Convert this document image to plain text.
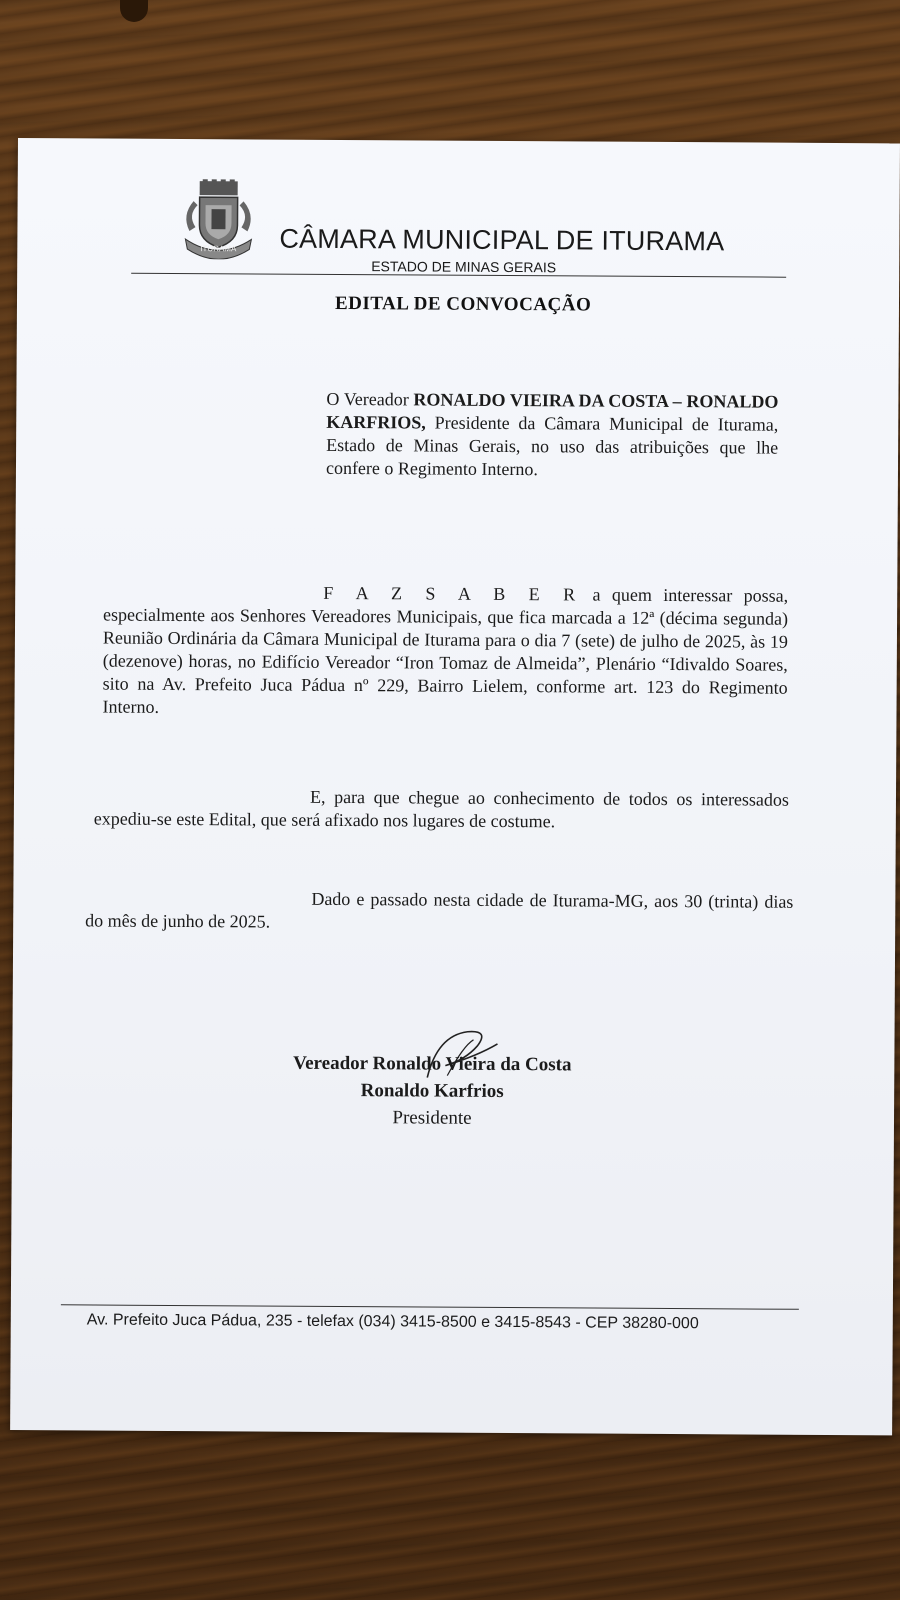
ITURAMA CÂMARA MUNICIPAL DE ITURAMA
ESTADO DE MINAS GERAIS
EDITAL DE CONVOCAÇÃO
O Vereador RONALDO VIEIRA DA COSTA – RONALDO KARFRIOS, Presidente da Câmara Municipal de Iturama, Estado de Minas Gerais, no uso das atribuições que lhe confere o Regimento Interno.
F A Z S A B E R a quem interessar possa, especialmente aos Senhores Vereadores Municipais, que fica marcada a 12ª (décima segunda) Reunião Ordinária da Câmara Municipal de Iturama para o dia 7 (sete) de julho de 2025, às 19 (dezenove) horas, no Edifício Vereador “Iron Tomaz de Almeida”, Plenário “Idivaldo Soares, sito na Av. Prefeito Juca Pádua nº 229, Bairro Lielem, conforme art. 123 do Regimento Interno.
E, para que chegue ao conhecimento de todos os interessados expediu-se este Edital, que será afixado nos lugares de costume.
Dado e passado nesta cidade de Iturama-MG, aos 30 (trinta) dias do mês de junho de 2025.
Vereador Ronaldo Vieira da Costa
Ronaldo Karfrios
Presidente
Av. Prefeito Juca Pádua, 235 - telefax (034) 3415-8500 e 3415-8543 - CEP 38280-000
